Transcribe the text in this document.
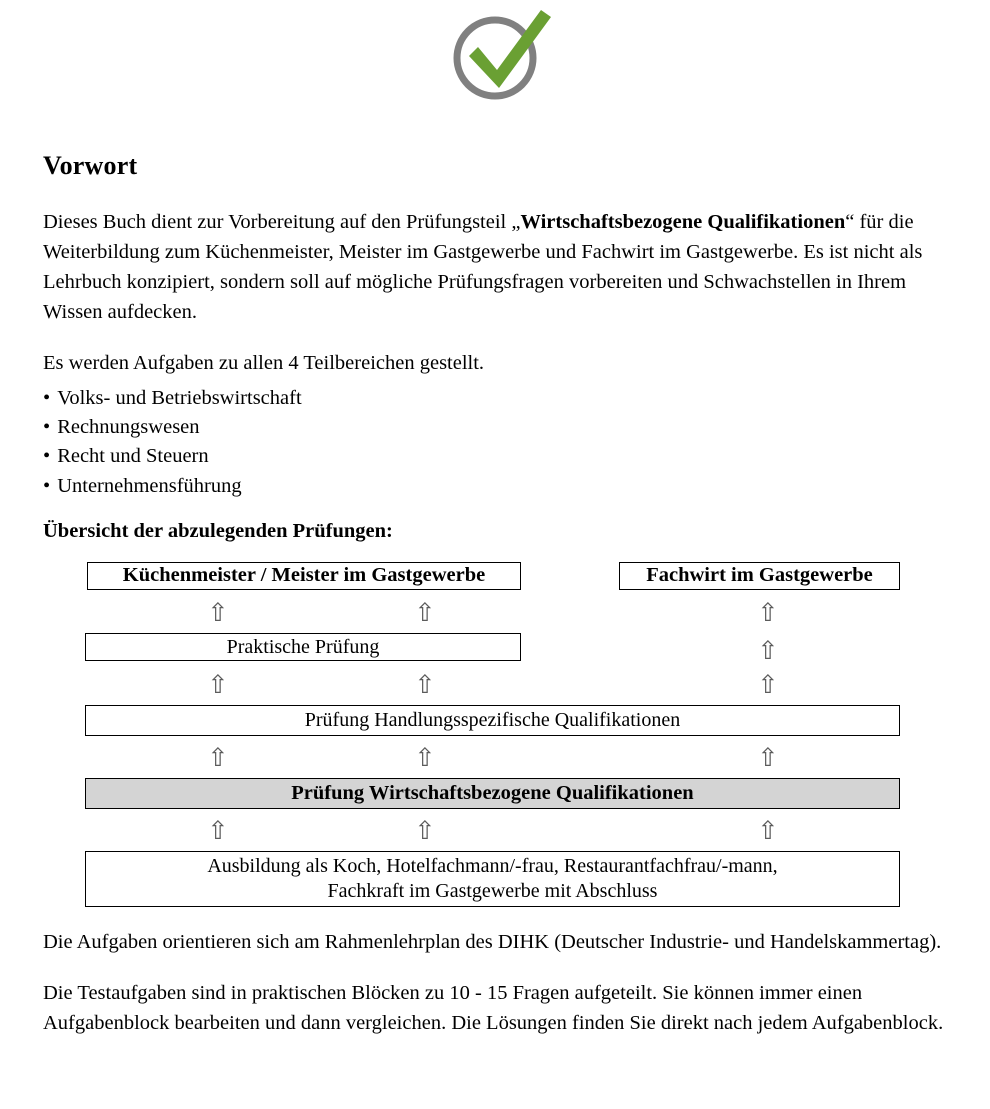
Vorwort

Dieses Buch dient zur Vorbereitung auf den Prüfungsteil „Wirtschaftsbezogene Qualifikationen“ für die Weiterbildung zum Küchenmeister, Meister im Gastgewerbe und Fachwirt im Gastgewerbe. Es ist nicht als Lehrbuch konzipiert, sondern soll auf mögliche Prüfungsfragen vorbereiten und Schwachstellen in Ihrem Wissen aufdecken.

Es werden Aufgaben zu allen 4 Teilbereichen gestellt.

• Volks- und Betriebswirtschaft
• Rechnungswesen
• Recht und Steuern
• Unternehmensführung
Übersicht der abzulegenden Prüfungen:
Küchenmeister / Meister im Gastgewerbe	Fachwirt im Gastgewerbe
⇧	⇧	⇧
Praktische Prüfung	⇧
⇧	⇧	⇧
Prüfung Handlungsspezifische Qualifikationen
⇧	⇧	⇧
Prüfung Wirtschaftsbezogene Qualifikationen
⇧	⇧	⇧
Ausbildung als Koch, Hotelfachmann/-frau, Restaurantfachfrau/-mann,
Fachkraft im Gastgewerbe mit Abschluss

Die Aufgaben orientieren sich am Rahmenlehrplan des DIHK (Deutscher Industrie- und Handelskammertag).

Die Testaufgaben sind in praktischen Blöcken zu 10 - 15 Fragen aufgeteilt. Sie können immer einen Aufgabenblock bearbeiten und dann vergleichen. Die Lösungen finden Sie direkt nach jedem Aufgabenblock.
